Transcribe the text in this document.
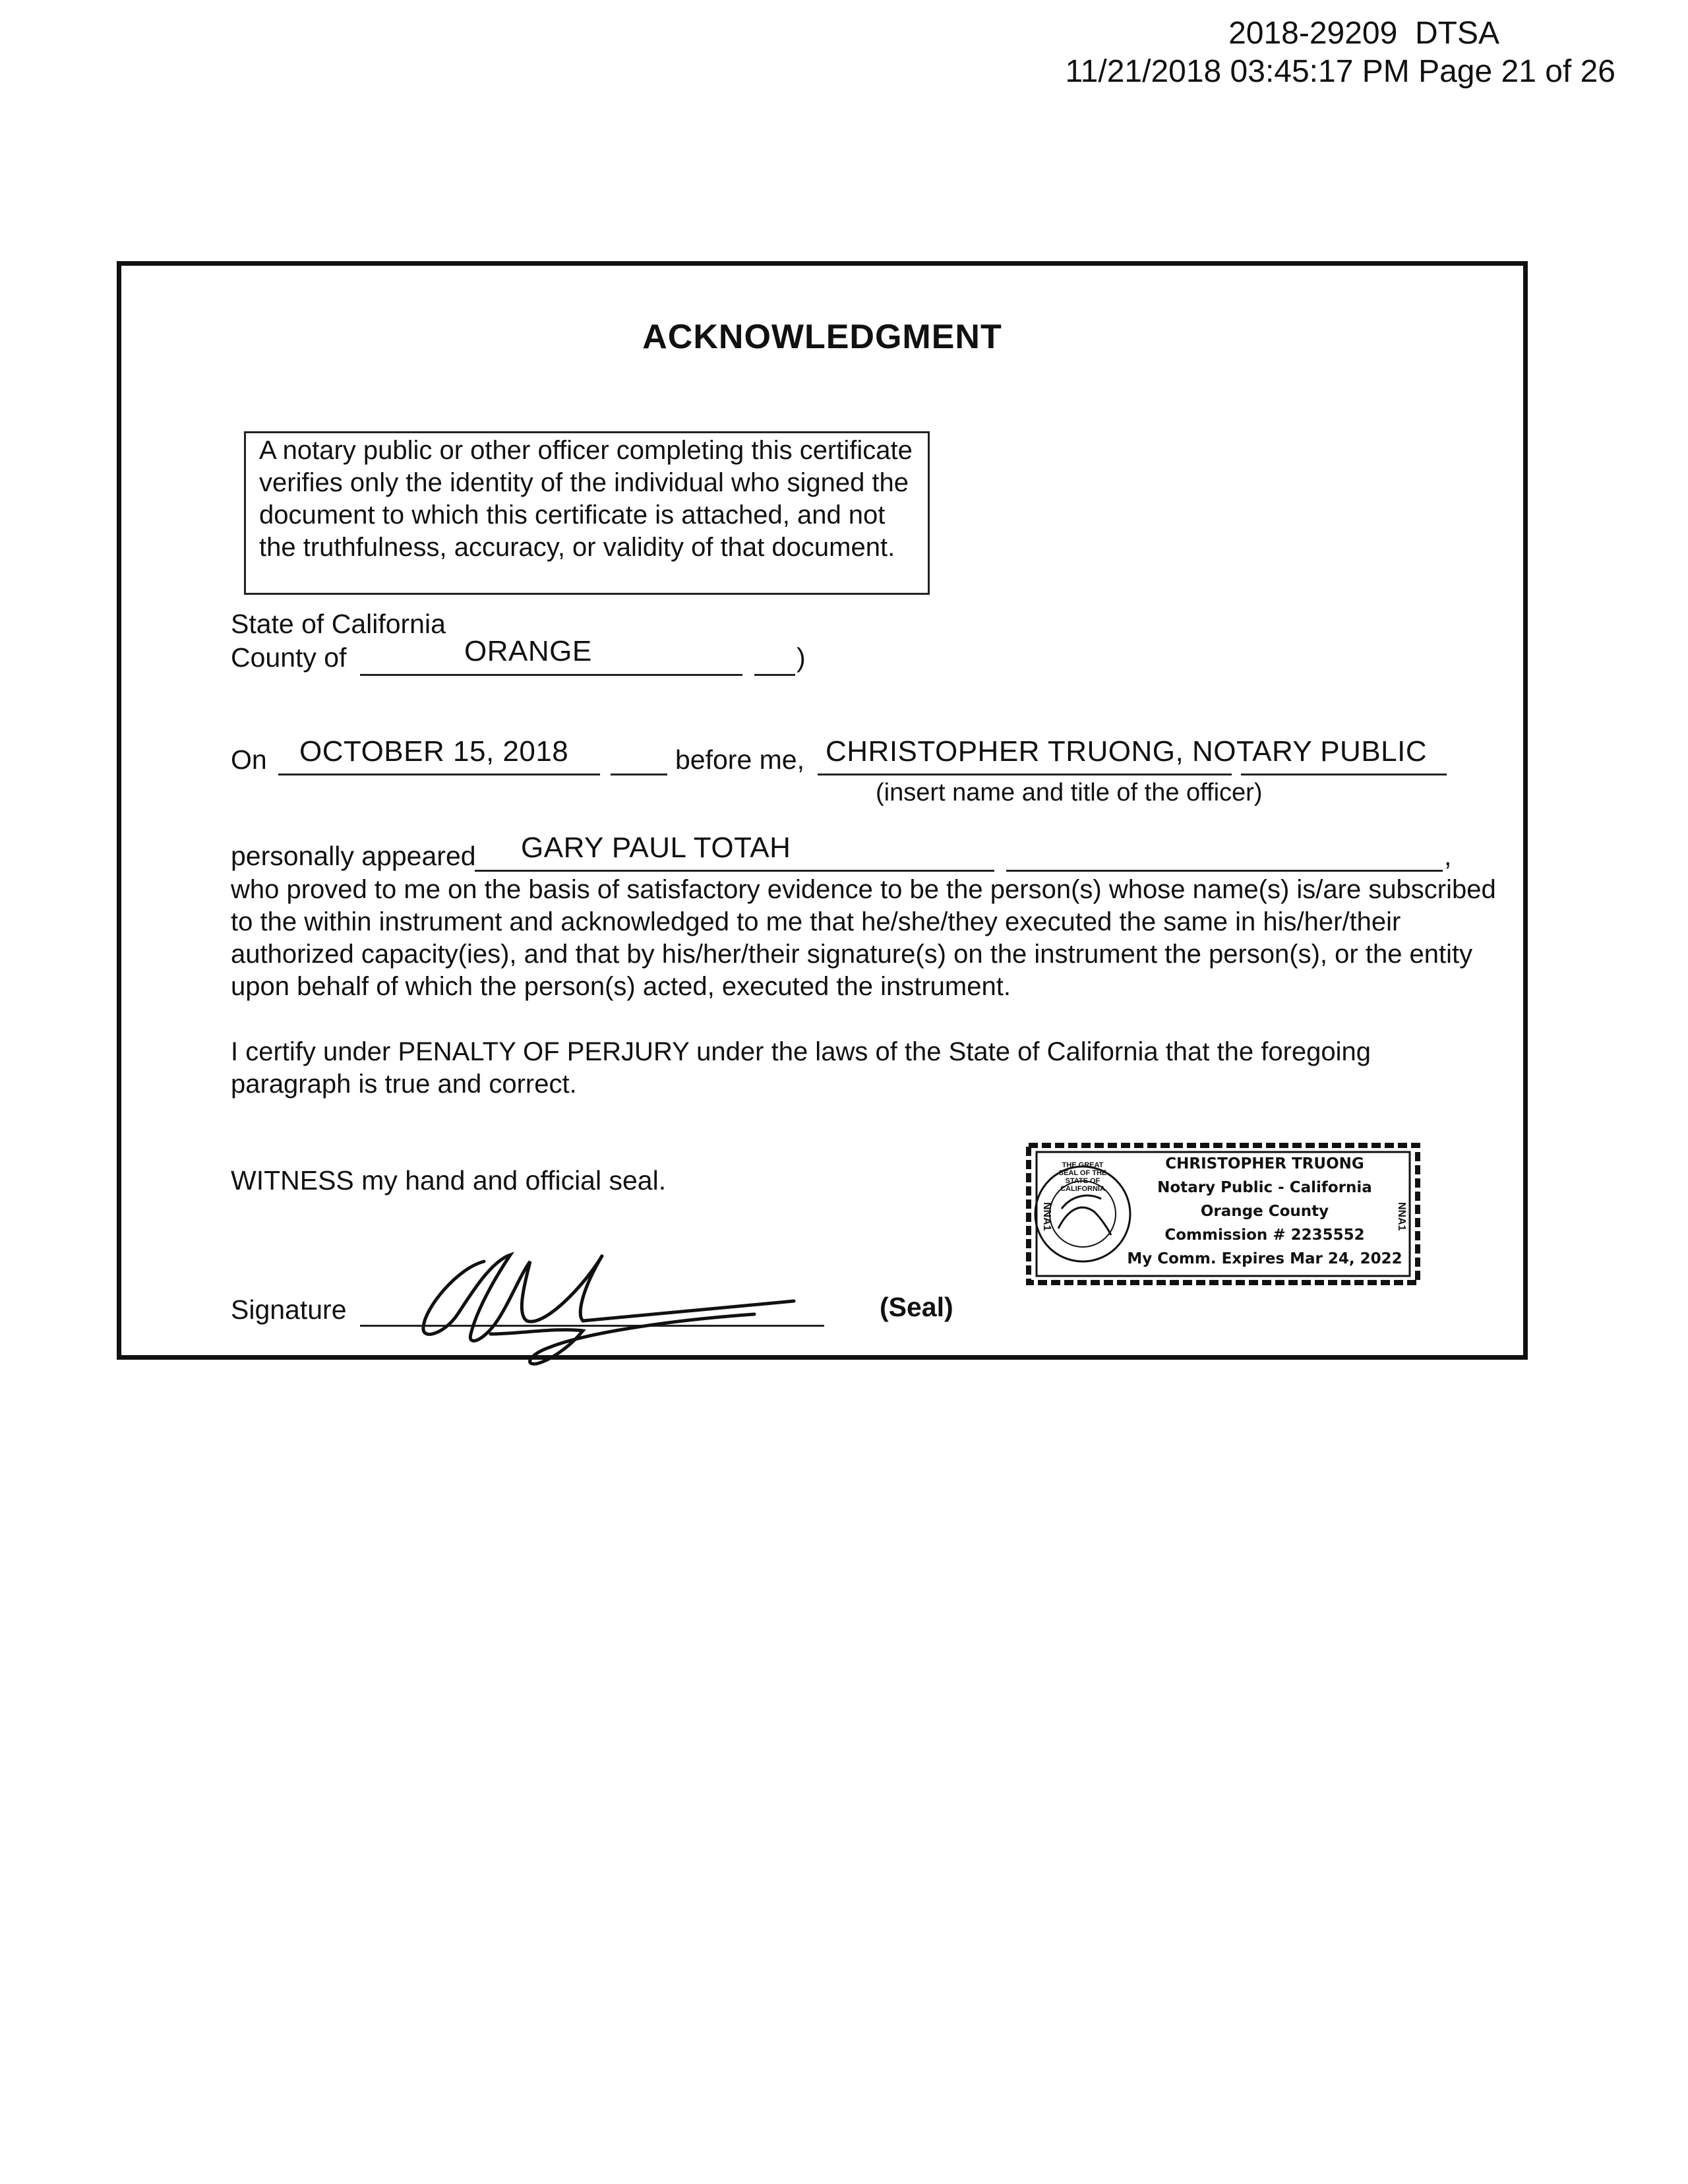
2018-29209  DTSA
11/21/2018 03:45:17 PM Page 21 of 26
ACKNOWLEDGMENT
A notary public or other officer completing this certificate verifies only the identity of the individual who signed the document to which this certificate is attached, and not the truthfulness, accuracy, or validity of that document.
State of California
County of	ORANGE	)
On OCTOBER 15, 2018	before me, CHRISTOPHER TRUONG, NOTARY PUBLIC
(insert name and title of the officer)
personally appeared GARY PAUL TOTAH	,
who proved to me on the basis of satisfactory evidence to be the person(s) whose name(s) is/are subscribed to the within instrument and acknowledged to me that he/she/they executed the same in his/her/their authorized capacity(ies), and that by his/her/their signature(s) on the instrument the person(s), or the entity upon behalf of which the person(s) acted, executed the instrument.
I certify under PENALTY OF PERJURY under the laws of the State of California that the foregoing paragraph is true and correct.
WITNESS my hand and official seal.
Signature	(Seal)
THE GREAT SEAL OF THE STATE OF CALIFORNIA
NNA1	NNA1
CHRISTOPHER TRUONG
Notary Public - California
Orange County
Commission # 2235552
My Comm. Expires Mar 24, 2022
